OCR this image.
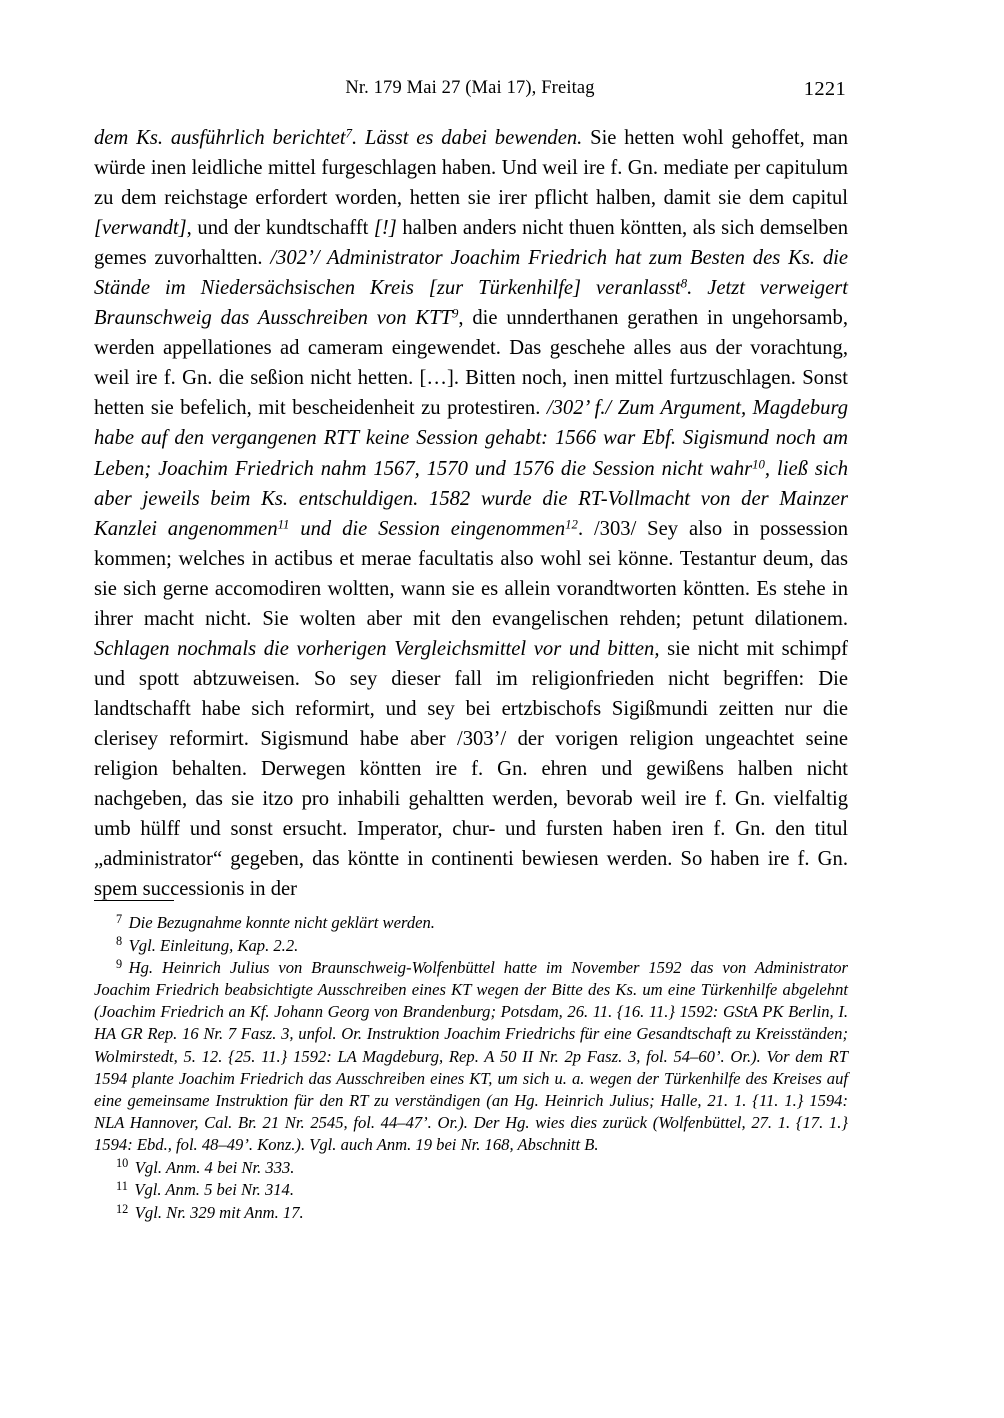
Nr. 179 Mai 27 (Mai 17), Freitag	1221

dem Ks. ausführlich berichtet$^7$. Lässt es dabei bewenden. Sie hetten wohl gehoffet, man würde inen leidliche mittel furgeschlagen haben. Und weil ire f. Gn. mediate per capitulum zu dem reichstage erfordert worden, hetten sie irer pflicht halben, damit sie dem capitul [verwandt], und der kundtschafft [!] halben anders nicht thuen köntten, als sich demselben gemes zuvorhaltten. /302’/ Administrator Joachim Friedrich hat zum Besten des Ks. die Stände im Niedersächsischen Kreis [zur Türkenhilfe] veranlasst$^8$. Jetzt verweigert Braunschweig das Ausschreiben von KTT$^9$, die unnderthanen gerathen in ungehorsamb, werden appellationes ad cameram eingewendet. Das geschehe alles aus der vorachtung, weil ire f. Gn. die seßion nicht hetten. […]. Bitten noch, inen mittel furtzuschlagen. Sonst hetten sie befelich, mit bescheidenheit zu protestiren. /302’ f./ Zum Argument, Magdeburg habe auf den vergangenen RTT keine Session gehabt: 1566 war Ebf. Sigismund noch am Leben; Joachim Friedrich nahm 1567, 1570 und 1576 die Session nicht wahr$^{10}$, ließ sich aber jeweils beim Ks. entschuldigen. 1582 wurde die RT-Vollmacht von der Mainzer Kanzlei angenommen$^{11}$ und die Session eingenommen$^{12}$. /303/ Sey also in possession kommen; welches in actibus et merae facultatis also wohl sei könne. Testantur deum, das sie sich gerne accomodiren woltten, wann sie es allein vorandtworten köntten. Es stehe in ihrer macht nicht. Sie wolten aber mit den evangelischen rehden; petunt dilationem. Schlagen nochmals die vorherigen Vergleichsmittel vor und bitten, sie nicht mit schimpf und spott abtzuweisen. So sey dieser fall im religionfrieden nicht begriffen: Die landtschafft habe sich reformirt, und sey bei ertzbischofs Sigißmundi zeitten nur die clerisey reformirt. Sigismund habe aber /303’/ der vorigen religion ungeachtet seine religion behalten. Derwegen köntten ire f. Gn. ehren und gewißens halben nicht nachgeben, das sie itzo pro inhabili gehaltten werden, bevorab weil ire f. Gn. vielfaltig umb hülff und sonst ersucht. Imperator, chur- und fursten haben iren f. Gn. den titul „administrator“ gegeben, das köntte in continenti bewiesen werden. So haben ire f. Gn. spem successionis in der

$^7$ Die Bezugnahme konnte nicht geklärt werden.

$^8$ Vgl. Einleitung, Kap. 2.2.

$^9$ Hg. Heinrich Julius von Braunschweig-Wolfenbüttel hatte im November 1592 das von Administrator Joachim Friedrich beabsichtigte Ausschreiben eines KT wegen der Bitte des Ks. um eine Türkenhilfe abgelehnt (Joachim Friedrich an Kf. Johann Georg von Brandenburg; Potsdam, 26. 11. {16. 11.} 1592: GStA PK Berlin, I. HA GR Rep. 16 Nr. 7 Fasz. 3, unfol. Or. Instruktion Joachim Friedrichs für eine Gesandtschaft zu Kreisständen; Wolmirstedt, 5. 12. {25. 11.} 1592: LA Magdeburg, Rep. A 50 II Nr. 2p Fasz. 3, fol. 54–60’. Or.). Vor dem RT 1594 plante Joachim Friedrich das Ausschreiben eines KT, um sich u. a. wegen der Türkenhilfe des Kreises auf eine gemeinsame Instruktion für den RT zu verständigen (an Hg. Heinrich Julius; Halle, 21. 1. {11. 1.} 1594: NLA Hannover, Cal. Br. 21 Nr. 2545, fol. 44–47’. Or.). Der Hg. wies dies zurück (Wolfenbüttel, 27. 1. {17. 1.} 1594: Ebd., fol. 48–49’. Konz.). Vgl. auch Anm. 19 bei Nr. 168, Abschnitt B.

$^{10}$ Vgl. Anm. 4 bei Nr. 333.

$^{11}$ Vgl. Anm. 5 bei Nr. 314.

$^{12}$ Vgl. Nr. 329 mit Anm. 17.
